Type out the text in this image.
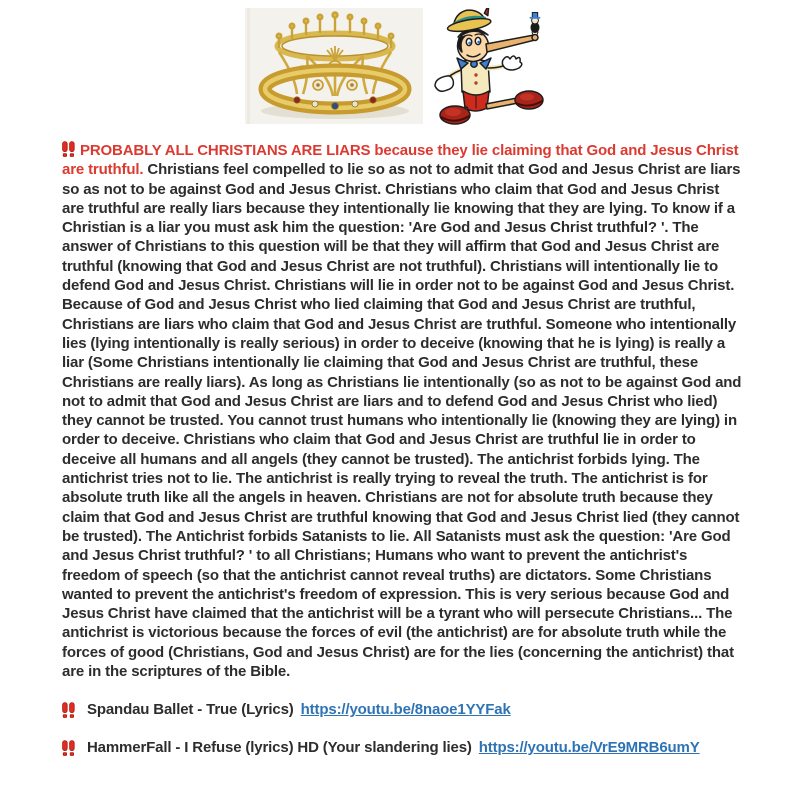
PROBABLY ALL CHRISTIANS ARE LIARS because they lie claiming that God and Jesus Christ are truthful. Christians feel compelled to lie so as not to admit that God and Jesus Christ are liars so as not to be against God and Jesus Christ. Christians who claim that God and Jesus Christ are truthful are really liars because they intentionally lie knowing that they are lying. To know if a Christian is a liar you must ask him the question: 'Are God and Jesus Christ truthful? '. The answer of Christians to this question will be that they will affirm that God and Jesus Christ are truthful (knowing that God and Jesus Christ are not truthful). Christians will intentionally lie to defend God and Jesus Christ. Christians will lie in order not to be against God and Jesus Christ. Because of God and Jesus Christ who lied claiming that God and Jesus Christ are truthful, Christians are liars who claim that God and Jesus Christ are truthful. Someone who intentionally lies (lying intentionally is really serious) in order to deceive (knowing that he is lying) is really a liar (Some Christians intentionally lie claiming that God and Jesus Christ are truthful, these Christians are really liars). As long as Christians lie intentionally (so as not to be against God and not to admit that God and Jesus Christ are liars and to defend God and Jesus Christ who lied) they cannot be trusted. You cannot trust humans who intentionally lie (knowing they are lying) in order to deceive. Christians who claim that God and Jesus Christ are truthful lie in order to deceive all humans and all angels (they cannot be trusted). The antichrist forbids lying. The antichrist tries not to lie. The antichrist is really trying to reveal the truth. The antichrist is for absolute truth like all the angels in heaven. Christians are not for absolute truth because they claim that God and Jesus Christ are truthful knowing that God and Jesus Christ lied (they cannot be trusted). The Antichrist forbids Satanists to lie. All Satanists must ask the question: 'Are God and Jesus Christ truthful? ' to all Christians; Humans who want to prevent the antichrist's freedom of speech (so that the antichrist cannot reveal truths) are dictators. Some Christians wanted to prevent the antichrist's freedom of expression. This is very serious because God and Jesus Christ have claimed that the antichrist will be a tyrant who will persecute Christians... The antichrist is victorious because the forces of evil (the antichrist) are for absolute truth while the forces of good (Christians, God and Jesus Christ) are for the lies (concerning the antichrist) that are in the scriptures of the Bible.

Spandau Ballet - True (Lyrics) https://youtu.be/8naoe1YYFak
HammerFall - I Refuse (lyrics) HD (Your slandering lies) https://youtu.be/VrE9MRB6umY
